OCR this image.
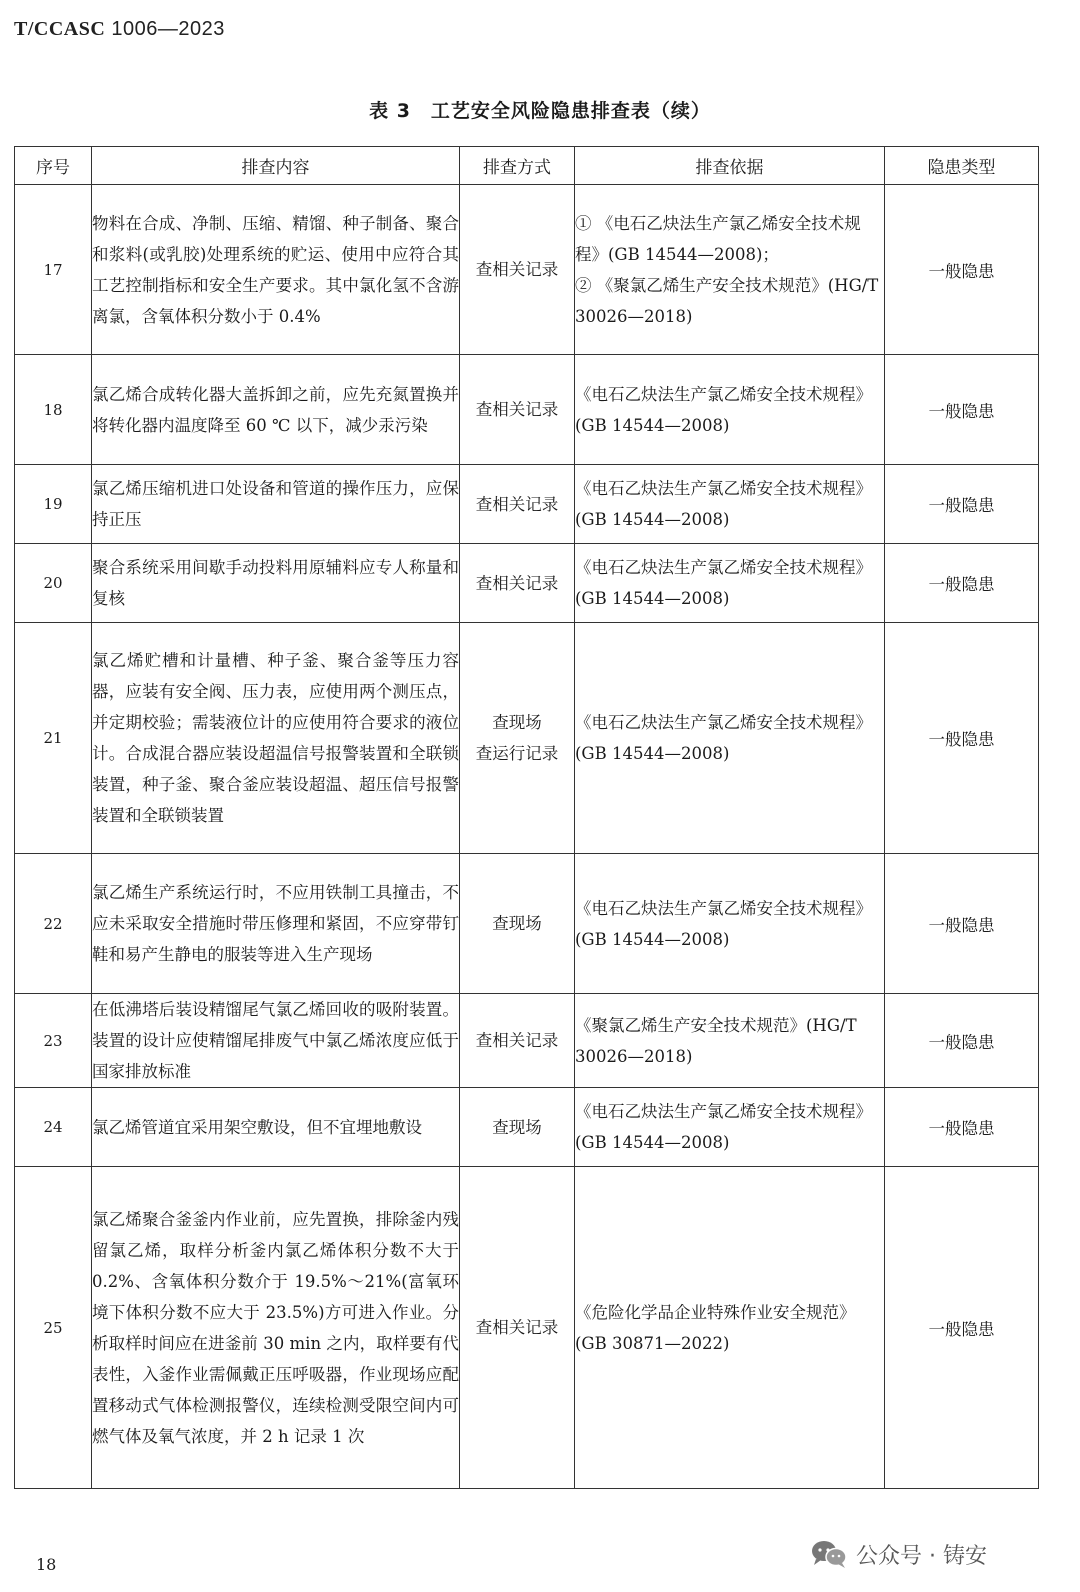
T/CCASC 1006—2023
表 3　工艺安全风险隐患排查表（续）
序号	排查内容	排查方式	排查依据	隐患类型
17	物料在合成、净制、压缩、精馏、种子制备、聚合和浆料(或乳胶)处理系统的贮运、使用中应符合其工艺控制指标和安全生产要求。其中氯化氢不含游离氯，含氧体积分数小于 0.4%	查相关记录	① 《电石乙炔法生产氯乙烯安全技术规程》(GB 14544—2008)；
② 《聚氯乙烯生产安全技术规范》(HG/T 30026—2018)	一般隐患
18	氯乙烯合成转化器大盖拆卸之前，应先充氮置换并将转化器内温度降至 60 ℃ 以下，减少汞污染	查相关记录	《电石乙炔法生产氯乙烯安全技术规程》(GB 14544—2008)	一般隐患
19	氯乙烯压缩机进口处设备和管道的操作压力，应保持正压	查相关记录	《电石乙炔法生产氯乙烯安全技术规程》(GB 14544—2008)	一般隐患
20	聚合系统采用间歇手动投料用原辅料应专人称量和复核	查相关记录	《电石乙炔法生产氯乙烯安全技术规程》(GB 14544—2008)	一般隐患
21	氯乙烯贮槽和计量槽、种子釜、聚合釜等压力容器，应装有安全阀、压力表，应使用两个测压点，并定期校验；需装液位计的应使用符合要求的液位计。合成混合器应装设超温信号报警装置和全联锁装置，种子釜、聚合釜应装设超温、超压信号报警装置和全联锁装置	查现场
查运行记录	《电石乙炔法生产氯乙烯安全技术规程》(GB 14544—2008)	一般隐患
22	氯乙烯生产系统运行时，不应用铁制工具撞击，不应未采取安全措施时带压修理和紧固，不应穿带钉鞋和易产生静电的服装等进入生产现场	查现场	《电石乙炔法生产氯乙烯安全技术规程》(GB 14544—2008)	一般隐患
23	在低沸塔后装设精馏尾气氯乙烯回收的吸附装置。装置的设计应使精馏尾排废气中氯乙烯浓度应低于国家排放标准	查相关记录	《聚氯乙烯生产安全技术规范》(HG/T 30026—2018)	一般隐患
24	氯乙烯管道宜采用架空敷设，但不宜埋地敷设	查现场	《电石乙炔法生产氯乙烯安全技术规程》(GB 14544—2008)	一般隐患
25	氯乙烯聚合釜釜内作业前，应先置换，排除釜内残留氯乙烯，取样分析釜内氯乙烯体积分数不大于 0.2%、含氧体积分数介于 19.5%～21%(富氧环境下体积分数不应大于 23.5%)方可进入作业。分析取样时间应在进釜前 30 min 之内，取样要有代表性，入釜作业需佩戴正压呼吸器，作业现场应配置移动式气体检测报警仪，连续检测受限空间内可燃气体及氧气浓度，并 2 h 记录 1 次	查相关记录	《危险化学品企业特殊作业安全规范》(GB 30871—2022)	一般隐患
18	公众号 · 铸安
